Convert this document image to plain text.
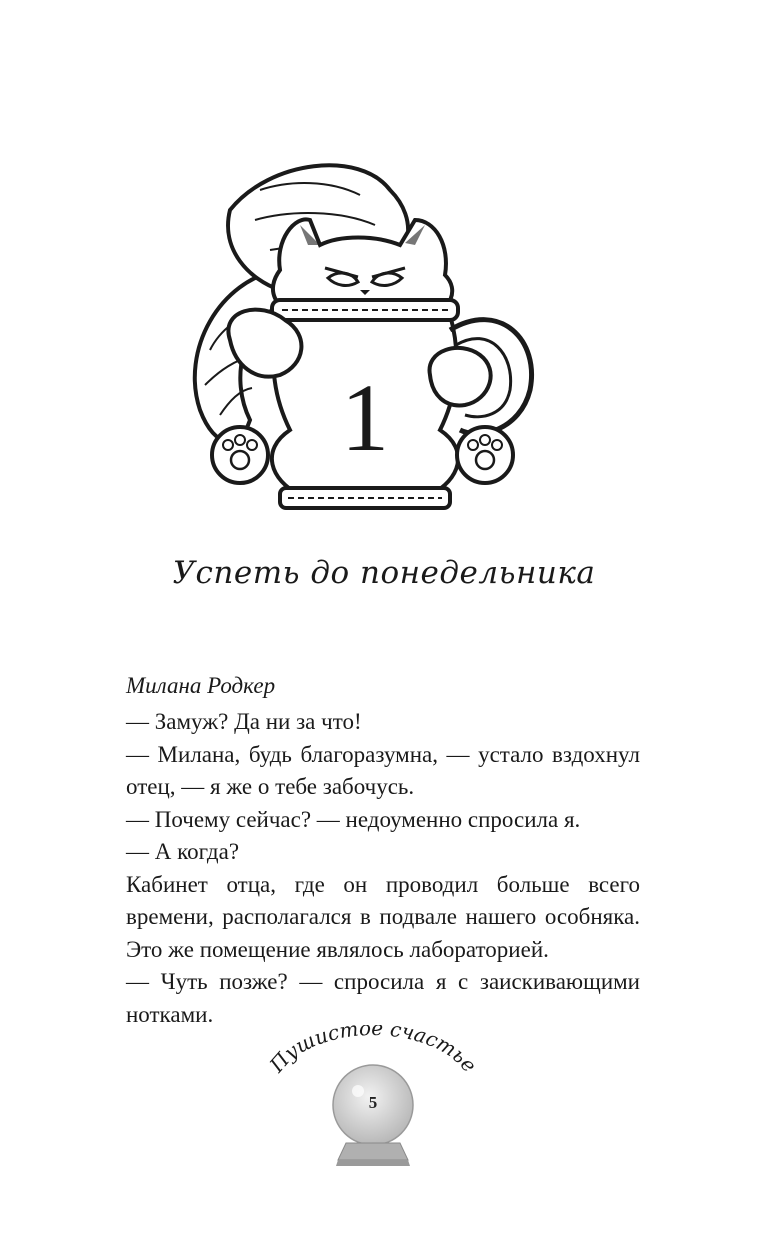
1
Успеть до понедельника
Милана Родкер

— Замуж? Да ни за что!

— Милана, будь благоразумна, — устало вздохнул отец, — я же о тебе забочусь.

— Почему сейчас? — недоуменно спросила я.

— А когда?

Кабинет отца, где он проводил больше всего времени, располагался в подвале нашего особняка. Это же помещение являлось лабораторией.

— Чуть позже? — спросила я с заискивающими нотками.

Пушистое счастье
5
